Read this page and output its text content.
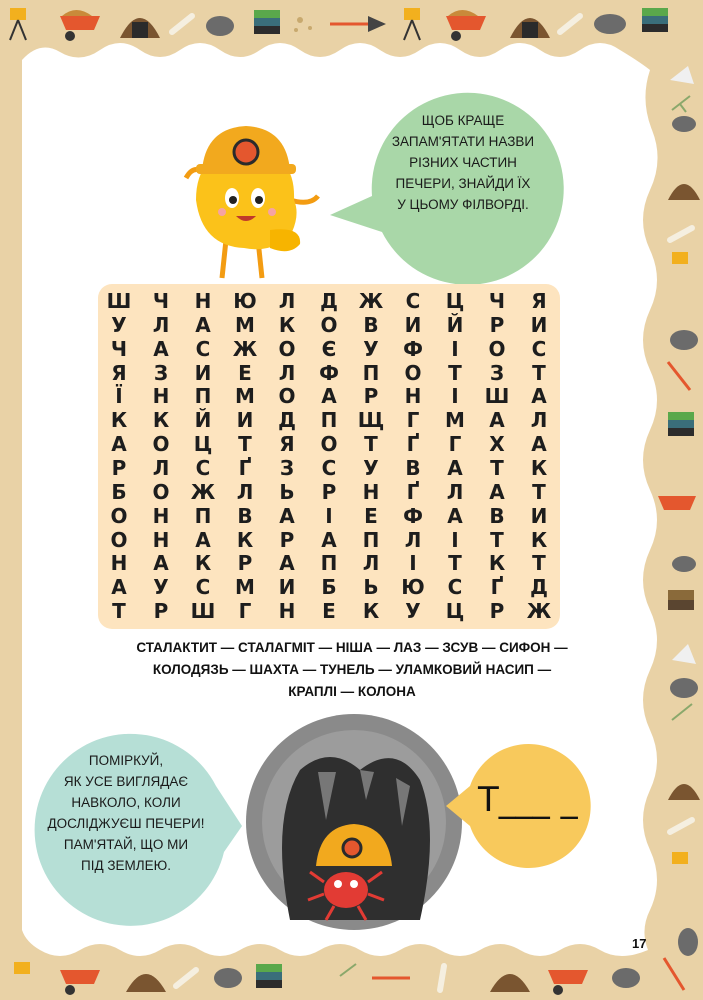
ЩОБ КРАЩЕ
ЗАПАМ'ЯТАТИ НАЗВИ
РІЗНИХ ЧАСТИН
ПЕЧЕРИ, ЗНАЙДИ ЇХ
У ЦЬОМУ ФІЛВОРДІ.
Ш	Ч	Н	Ю	Л	Д	Ж	С	Ц	Ч	Я
У	Л	А	М	К	О	В	И	Й	Р	И
Ч	А	С	Ж	О	Є	У	Ф	І	О	С
Я	З	И	Е	Л	Ф	П	О	Т	З	Т
Ї	Н	П	М	О	А	Р	Н	І	Ш	А
К	К	Й	И	Д	П	Щ	Г	М	А	Л
А	О	Ц	Т	Я	О	Т	Ґ	Г	Х	А
Р	Л	С	Ґ	З	С	У	В	А	Т	К
Б	О	Ж	Л	Ь	Р	Н	Ґ	Л	А	Т
О	Н	П	В	А	І	Е	Ф	А	В	И
О	Н	А	К	Р	А	П	Л	І	Т	К
Н	А	К	Р	А	П	Л	І	Т	К	Т
А	У	С	М	И	Б	Ь	Ю	С	Ґ	Д
Т	Р	Ш	Г	Н	Е	К	У	Ц	Р	Ж
СТАЛАКТИТ — СТАЛАГМІТ — НІША — ЛАЗ — ЗСУВ — СИФОН —
КОЛОДЯЗЬ — ШАХТА — ТУНЕЛЬ — УЛАМКОВИЙ НАСИП —
КРАПЛІ — КОЛОНА
ПОМІРКУЙ,
ЯК УСЕ ВИГЛЯДАЄ
НАВКОЛО, КОЛИ
ДОСЛІДЖУЄШ ПЕЧЕРИ!
ПАМ'ЯТАЙ, ЩО МИ
ПІД ЗЕМЛЕЮ.
Т___ _
17
